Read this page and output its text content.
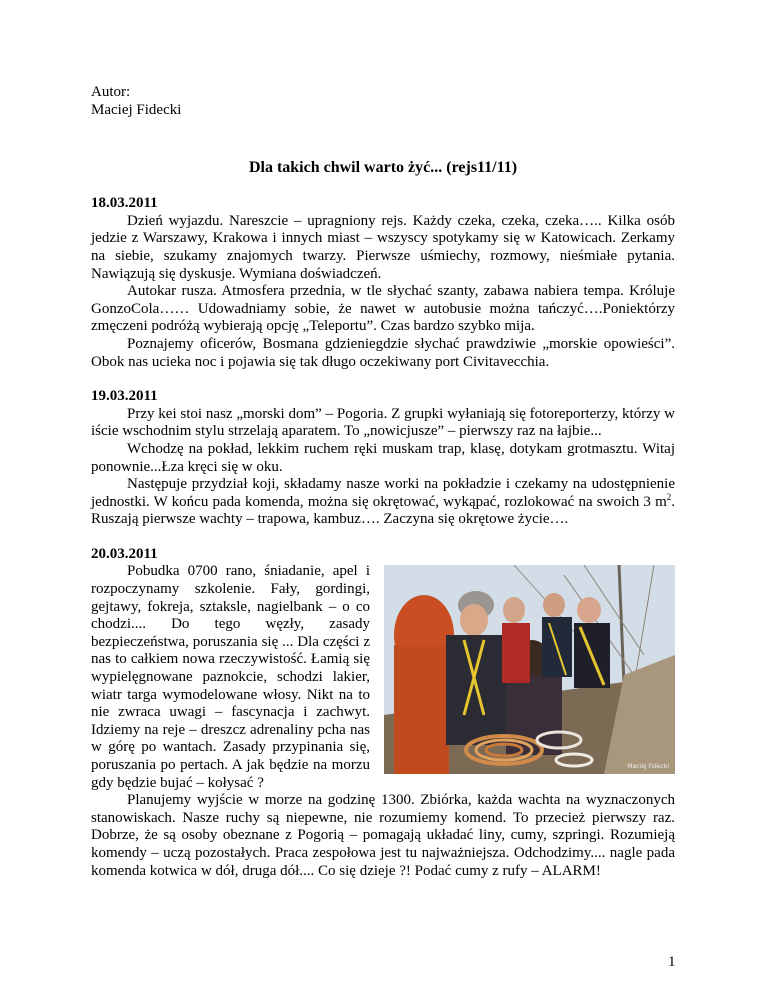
Autor:

Maciej Fidecki

Dla takich chwil warto żyć... (rejs11/11)

18.03.2011

Dzień wyjazdu. Nareszcie – upragniony rejs. Każdy czeka, czeka, czeka….. Kilka osób jedzie z Warszawy, Krakowa i innych miast – wszyscy spotykamy się w Katowicach. Zerkamy na siebie, szukamy znajomych twarzy. Pierwsze uśmiechy, rozmowy, nieśmiałe pytania. Nawiązują się dyskusje. Wymiana doświadczeń.

Autokar rusza. Atmosfera przednia, w tle słychać szanty, zabawa nabiera tempa. Króluje GonzoCola…… Udowadniamy sobie, że nawet w autobusie można tańczyć….Poniektórzy zmęczeni podróżą wybierają opcję „Teleportu”. Czas bardzo szybko mija.

Poznajemy oficerów, Bosmana gdzieniegdzie słychać prawdziwie „morskie opowieści”. Obok nas ucieka noc i pojawia się tak długo oczekiwany port Civitavecchia.

19.03.2011

Przy kei stoi nasz „morski dom” – Pogoria. Z grupki wyłaniają się fotoreporterzy, którzy w iście wschodnim stylu strzelają aparatem. To „nowicjusze” – pierwszy raz na łajbie...

Wchodzę na pokład, lekkim ruchem ręki muskam trap, klasę, dotykam grotmasztu. Witaj ponownie...Łza kręci się w oku.

Następuje przydział koji, składamy nasze worki na pokładzie i czekamy na udostępnienie jednostki. W końcu pada komenda, można się okrętować, wykąpać, rozlokować na swoich 3 $m^2$. Ruszają pierwsze wachty – trapowa, kambuz…. Zaczyna się okrętowe życie….

20.03.2011

Maciej Fidecki

Pobudka 0700 rano, śniadanie, apel i rozpoczynamy szkolenie. Fały, gordingi, gejtawy, fokreja, sztaksle, nagielbank – o co chodzi.... Do tego węzły, zasady bezpieczeństwa, poruszania się ... Dla części z nas to całkiem nowa rzeczywistość. Łamią się wypielęgnowane paznokcie, schodzi lakier, wiatr targa wymodelowane włosy. Nikt na to nie zwraca uwagi – fascynacja i zachwyt. Idziemy na reje – dreszcz adrenaliny pcha nas w górę po wantach. Zasady przypinania się, poruszania po pertach. A jak będzie na morzu gdy będzie bujać – kołysać ?

Planujemy wyjście w morze na godzinę 1300. Zbiórka, każda wachta na wyznaczonych stanowiskach. Nasze ruchy są niepewne, nie rozumiemy komend. To przecież pierwszy raz. Dobrze, że są osoby obeznane z Pogorią – pomagają układać liny, cumy, szpringi. Rozumieją komendy – uczą pozostałych. Praca zespołowa jest tu najważniejsza. Odchodzimy.... nagle pada komenda kotwica w dół, druga dół.... Co się dzieje ?! Podać cumy z rufy – ALARM!

1
